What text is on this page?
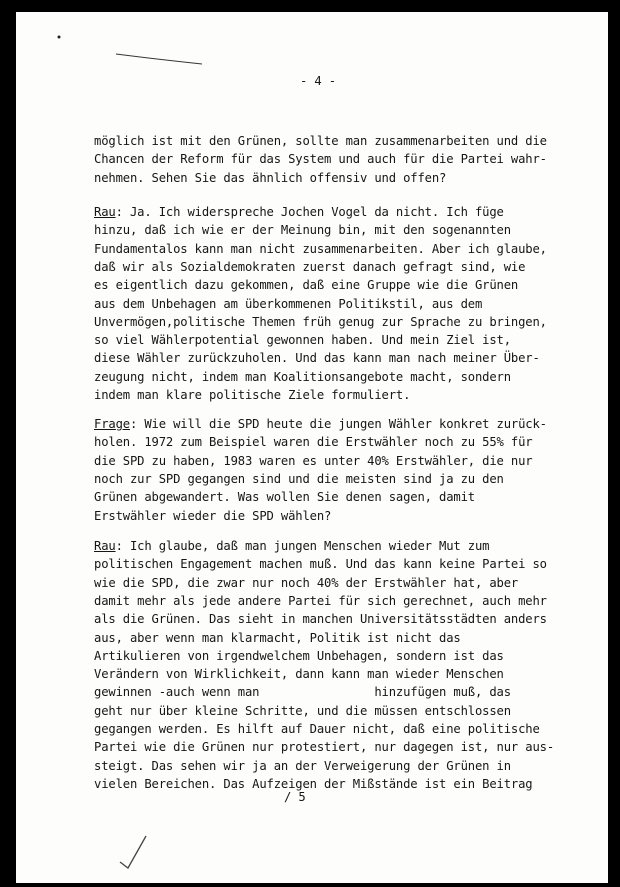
- 4 -
möglich ist mit den Grünen, sollte man zusammenarbeiten und die
Chancen der Reform für das System und auch für die Partei wahr-
nehmen. Sehen Sie das ähnlich offensiv und offen?
Rau: Ja. Ich widerspreche Jochen Vogel da nicht. Ich füge
hinzu, daß ich wie er der Meinung bin, mit den sogenannten
Fundamentalos kann man nicht zusammenarbeiten. Aber ich glaube,
daß wir als Sozialdemokraten zuerst danach gefragt sind, wie
es eigentlich dazu gekommen, daß eine Gruppe wie die Grünen
aus dem Unbehagen am überkommenen Politikstil, aus dem
Unvermögen,politische Themen früh genug zur Sprache zu bringen,
so viel Wählerpotential gewonnen haben. Und mein Ziel ist,
diese Wähler zurückzuholen. Und das kann man nach meiner Über-
zeugung nicht, indem man Koalitionsangebote macht, sondern
indem man klare politische Ziele formuliert.
Frage: Wie will die SPD heute die jungen Wähler konkret zurück-
holen. 1972 zum Beispiel waren die Erstwähler noch zu 55% für
die SPD zu haben, 1983 waren es unter 40% Erstwähler, die nur
noch zur SPD gegangen sind und die meisten sind ja zu den
Grünen abgewandert. Was wollen Sie denen sagen, damit
Erstwähler wieder die SPD wählen?
Rau: Ich glaube, daß man jungen Menschen wieder Mut zum
politischen Engagement machen muß. Und das kann keine Partei so
wie die SPD, die zwar nur noch 40% der Erstwähler hat, aber
damit mehr als jede andere Partei für sich gerechnet, auch mehr
als die Grünen. Das sieht in manchen Universitätsstädten anders
aus, aber wenn man klarmacht, Politik ist nicht das
Artikulieren von irgendwelchem Unbehagen, sondern ist das
Verändern von Wirklichkeit, dann kann man wieder Menschen
gewinnen -auch wenn man                hinzufügen muß, das
geht nur über kleine Schritte, und die müssen entschlossen
gegangen werden. Es hilft auf Dauer nicht, daß eine politische
Partei wie die Grünen nur protestiert, nur dagegen ist, nur aus-
steigt. Das sehen wir ja an der Verweigerung der Grünen in
vielen Bereichen. Das Aufzeigen der Mißstände ist ein Beitrag
/ 5
